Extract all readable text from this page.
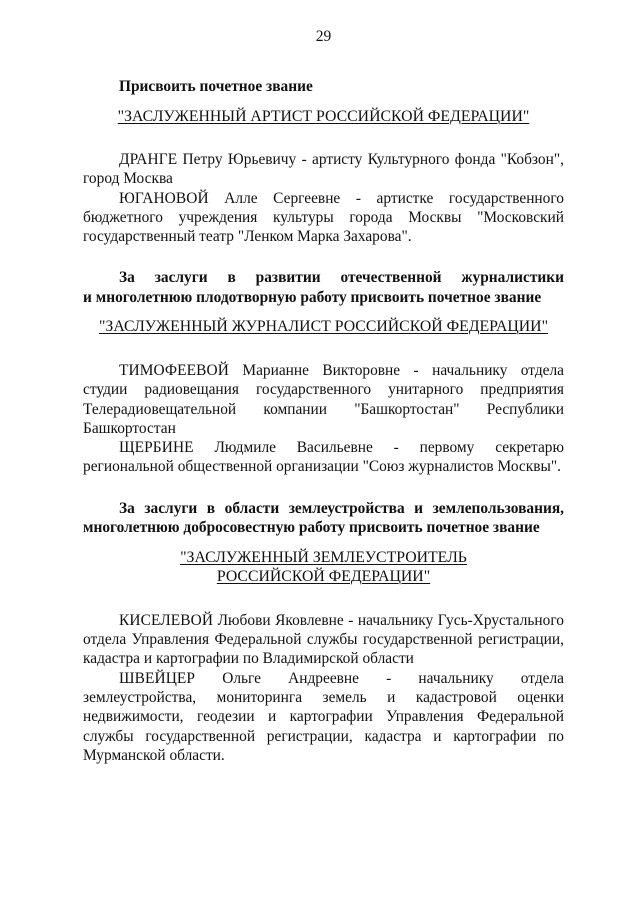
29

Присвоить почетное звание

"ЗАСЛУЖЕННЫЙ АРТИСТ РОССИЙСКОЙ ФЕДЕРАЦИИ"

ДРАНГЕ Петру Юрьевичу - артисту Культурного фонда "Кобзон", город Москва

ЮГАНОВОЙ Алле Сергеевне - артистке государственного бюджетного учреждения культуры города Москвы "Московский государственный театр "Ленком Марка Захарова".

За заслуги в развитии отечественной журналистики
и многолетнюю плодотворную работу присвоить почетное звание

"ЗАСЛУЖЕННЫЙ ЖУРНАЛИСТ РОССИЙСКОЙ ФЕДЕРАЦИИ"

ТИМОФЕЕВОЙ Марианне Викторовне - начальнику отдела студии радиовещания государственного унитарного предприятия Телерадиовещательной компании "Башкортостан" Республики Башкортостан

ЩЕРБИНЕ Людмиле Васильевне - первому секретарю региональной общественной организации "Союз журналистов Москвы".

За заслуги в области землеустройства и землепользования,
многолетнюю добросовестную работу присвоить почетное звание

"ЗАСЛУЖЕННЫЙ ЗЕМЛЕУСТРОИТЕЛЬ
РОССИЙСКОЙ ФЕДЕРАЦИИ"

КИСЕЛЕВОЙ Любови Яковлевне - начальнику Гусь-Хрустального отдела Управления Федеральной службы государственной регистрации, кадастра и картографии по Владимирской области

ШВЕЙЦЕР Ольге Андреевне - начальнику отдела землеустройства, мониторинга земель и кадастровой оценки недвижимости, геодезии и картографии Управления Федеральной службы государственной регистрации, кадастра и картографии по Мурманской области.
